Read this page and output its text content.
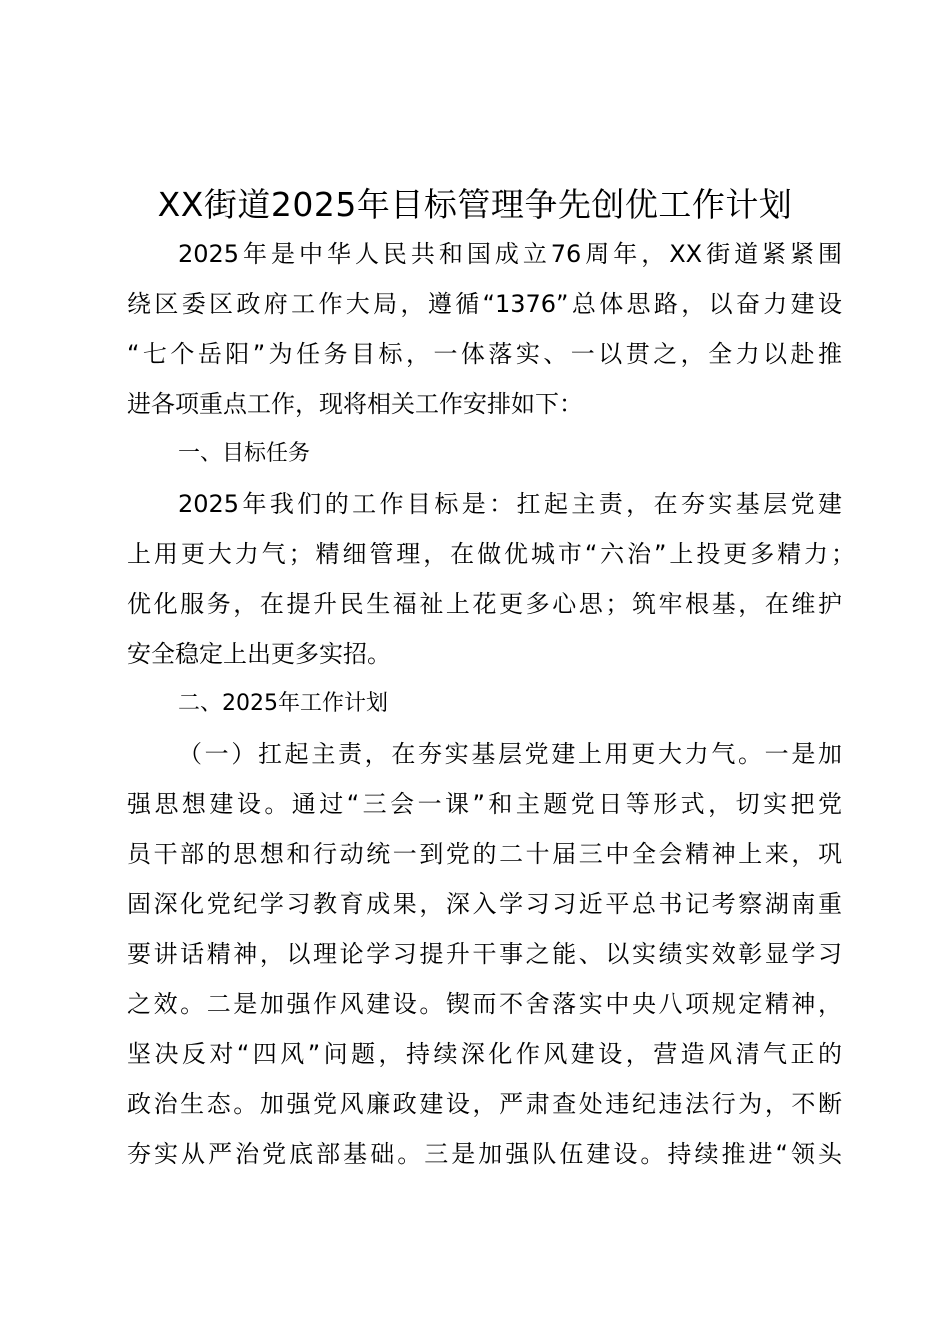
XX街道2025年目标管理争先创优工作计划
2025年是中华人民共和国成立76周年，XX街道紧紧围
绕区委区政府工作大局，遵循“1376”总体思路，以奋力建设
“七个岳阳”为任务目标，一体落实、一以贯之，全力以赴推
进各项重点工作，现将相关工作安排如下：
一、目标任务
2025年我们的工作目标是：扛起主责，在夯实基层党建
上用更大力气；精细管理，在做优城市“六治”上投更多精力；
优化服务，在提升民生福祉上花更多心思；筑牢根基，在维护
安全稳定上出更多实招。
二、2025年工作计划
（一）扛起主责，在夯实基层党建上用更大力气。一是加
强思想建设。通过“三会一课”和主题党日等形式，切实把党
员干部的思想和行动统一到党的二十届三中全会精神上来，巩
固深化党纪学习教育成果，深入学习习近平总书记考察湖南重
要讲话精神，以理论学习提升干事之能、以实绩实效彰显学习
之效。二是加强作风建设。锲而不舍落实中央八项规定精神，
坚决反对“四风”问题，持续深化作风建设，营造风清气正的
政治生态。加强党风廉政建设，严肃查处违纪违法行为，不断
夯实从严治党底部基础。三是加强队伍建设。持续推进“领头
